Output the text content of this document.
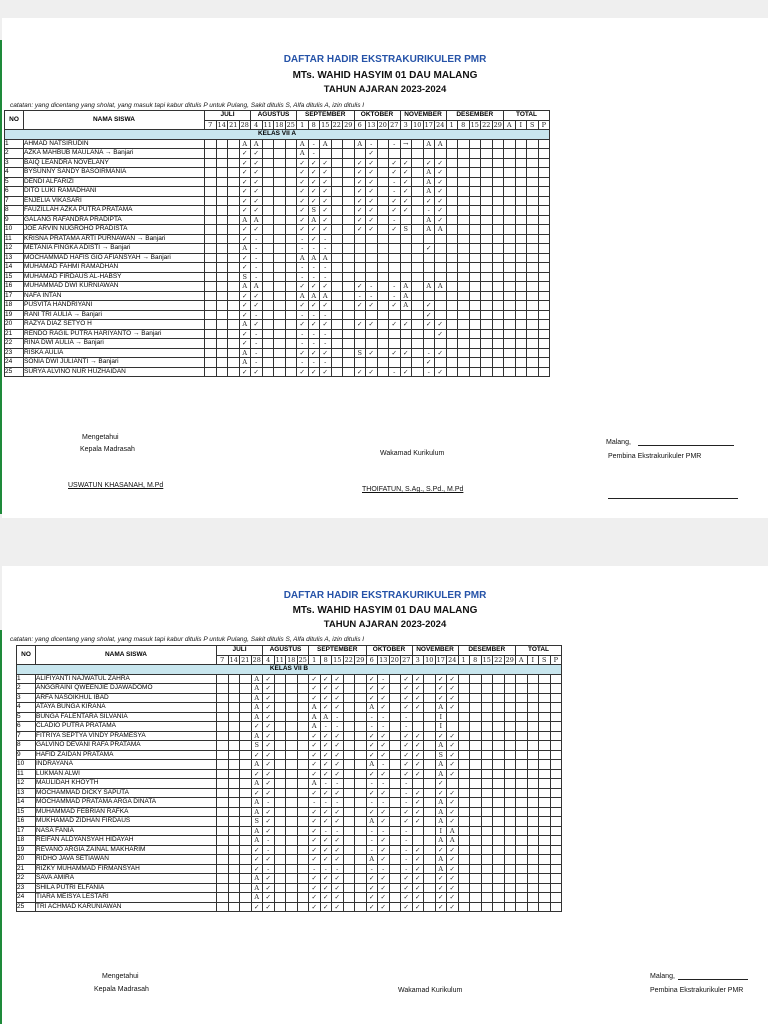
DAFTAR HADIR EKSTRAKURIKULER PMR
MTs. WAHID HASYIM 01 DAU MALANG
TAHUN AJARAN 2023-2024
catatan: yang dicentang yang sholat, yang masuk tapi kabur ditulis P untuk Pulang, Sakit ditulis S, Alfa ditulis A, izin ditulis I
NO	NAMA SISWA	JULI				AGUSTUS				SEPTEMBER					OKTOBER				NOVEMBER				DESEMBER					TOTAL			
		7	14	21	28	4	11	18	25	1	8	15	22	29	6	13	20	27	3	10	17	24	1	8	15	22	29	A	I	S	P
KELAS VII A																															
1	AHMAD NATSIRUDIN				A	A				A	-	A			A	-		-	→		A	A									
2	AZKA MAHBUB MAULANA → Banjari				✓	✓				A	-					✓															
3	BAIQ LEANDRA NOVELANY				✓	✓				✓	✓	✓			✓	✓		✓	✓		✓	✓									
4	BYSUNNY SANDY BASOIRMANIA				✓	✓				✓	✓	✓			✓	✓		✓	✓		A	✓									
5	DENDI ALFARIZI				✓	✓				✓	✓	✓			✓	✓		-	✓		A	✓									
6	DITO LUKI RAMADHANI				✓	✓				✓	✓	✓			✓	✓		-	✓		A	✓									
7	ENJELIA VIKASARI				✓	✓				✓	✓	✓			✓	✓		✓	✓		✓	✓									
8	FAUZILLAH AZKA PUTRA PRATAMA				✓	✓				✓	S	✓			✓	✓		✓	✓		-	✓									
9	GALANG RAFANDRA PRADIPTA				A	A				✓	A	✓			✓	✓		-			A	✓									
10	JOE ARVIN NUGROHO PRADISTA				✓	✓				✓	✓	✓			✓	✓		✓	S		A	A									
11	KRISNA PRATAMA ARTI PURNAWAN → Banjari				✓	-				-	✓	-																			
12	METANIA FINGKA ADISTI → Banjari				A	-				-	-	-									✓										
13	MOCHAMMAD HAFIS GIO AFIANSYAH → Banjari				✓	-				A	A	A																			
14	MUHAMAD FAHMI RAMADHAN				✓	-				-	-	-																			
15	MUHAMAD FIRDAUS AL-HABSY				S	-				-	-	-																			
16	MUHAMMAD DWI KURNIAWAN				A	A				✓	✓	✓			✓	-		-	A		A	A									
17	NAFA INTAN				✓	✓				A	A	A			-	-		-	A												
18	PUSVITA HANDRIYANI				✓	✓				✓	✓	✓			✓	✓		✓	A		✓										
19	RANI TRI AULIA → Banjari				✓	-				-	-	-									✓										
20	RAZYA DIAZ SETYO H				A	✓				✓	✓	✓			✓	✓		✓	✓		✓	✓									
21	RENDO RAGIL PUTRA HARIYANTO → Banjari				✓	-				-	-	-										✓									
22	RINA DWI AULIA → Banjari				✓	-				-	-	-																			
23	RISKA AULIA				A	-				✓	✓	✓			S	✓		✓	✓		-	✓									
24	SONIA DWI JULIANTI → Banjari				A	-				-	-	-									✓										
25	SURYA ALVINO NUR HUZHAIDAN				✓	✓				✓	✓	✓			✓	✓		-	✓		-	✓									
Mengetahui
Kepala Madrasah
USWATUN KHASANAH, M.Pd
Wakamad Kurikulum
THOIFATUN, S.Ag., S.Pd., M.Pd
Malang,
Pembina Ekstrakurikuler PMR
DAFTAR HADIR EKSTRAKURIKULER PMR
MTs. WAHID HASYIM 01 DAU MALANG
TAHUN AJARAN 2023-2024
catatan: yang dicentang yang sholat, yang masuk tapi kabur ditulis P untuk Pulang, Sakit ditulis S, Alfa ditulis A, izin ditulis I
NO	NAMA SISWA	JULI				AGUSTUS				SEPTEMBER					OKTOBER				NOVEMBER				DESEMBER					TOTAL			
		7	14	21	28	4	11	18	25	1	8	15	22	29	6	13	20	27	3	10	17	24	1	8	15	22	29	A	I	S	P
KELAS VII B																															
1	ALIFIYANTI NAJWATUL ZAHRA				A	✓				✓	✓	✓			✓	-		✓	✓		✓	✓									
2	ANGGRAINI QWEENJIE DJAWADOMO				A	✓				✓	✓	✓			✓	✓		✓	✓		✓	✓									
3	ARFA NASOIKHUL IBAD				A	✓				✓	✓	✓			✓	✓		✓	✓		✓	✓									
4	ATAYA BUNGA KIRANA				A	✓				A	✓	✓			A	✓		✓	✓		A	✓									
5	BUNGA FALENTARA SILVANIA				A	✓				A	A	-			-	-		-			I										
6	CLADIO PUTRA PRATAMA				✓	✓				A	-	-			-	-		-			I										
7	FITRIYA SEPTYA VINDY PRAMESYA				A	✓				✓	✓	✓			✓	✓		✓	✓		✓	✓									
8	GALVINO DEVANI RAFA PRATAMA				S	✓				✓	✓	✓			✓	✓		✓	✓		A	✓									
9	HAFID ZAIDAN PRATAMA				✓	✓				✓	✓	✓			✓	✓		✓	✓		S	✓									
10	INDRAYANA				A	✓				✓	✓	✓			A	-		✓	✓		A	✓									
11	LUKMAN ALWI				✓	✓				✓	✓	✓			✓	✓		✓	✓		A	✓									
12	MAULIDAH KHOYTH				A	✓				A	-	-			-	-		-			✓										
13	MOCHAMMAD DICKY SAPUTA				✓	✓				✓	✓	✓			✓	✓		-	✓		✓	✓									
14	MOCHAMMAD PRATAMA ARGA DINATA				A	-				-	-	-			-	-		-	✓		A	✓									
15	MUHAMMAD FEBRIAN RAFKA				A	✓				✓	✓	✓			✓	✓		✓	✓		A	✓									
16	MUKHAMAD ZIDHAN FIRDAUS				S	✓				✓	✓	✓			A	✓		✓	✓		A	✓									
17	NASA FANIA				A	✓				✓	-	-			-	-		-			I	A									
18	REIFAN ALDYANSYAH HIDAYAH				A	-				✓	✓	✓			-	✓		-			A	A									
19	REVANO ARGIA ZAINAL MAKHARIM				✓	-				✓	✓	✓			-	✓		-	✓		✓	✓									
20	RIDHO JAVA SETIAWAN				✓	✓				✓	✓	✓			A	✓		-	✓		A	✓									
21	RIZKY MUHAMMAD FIRMANSYAH				✓	-				-	-	-			-	-		-	✓		A	✓									
22	SAVA AMIRA				A	✓				✓	✓	✓			✓	✓		✓	✓		✓	✓									
23	SHILA PUTRI ELFANIA				A	✓				✓	✓	✓			✓	✓		✓	✓		✓	✓									
24	TIARA MEISYA LESTARI				A	✓				✓	✓	✓			✓	✓		✓	✓		✓	✓									
25	TRI ACHMAD KARUNIAWAN				✓	✓				✓	✓	✓			✓	✓		✓	✓		✓	✓									
Mengetahui
Kepala Madrasah	Wakamad Kurikulum
Malang,
Pembina Ekstrakurikuler PMR
